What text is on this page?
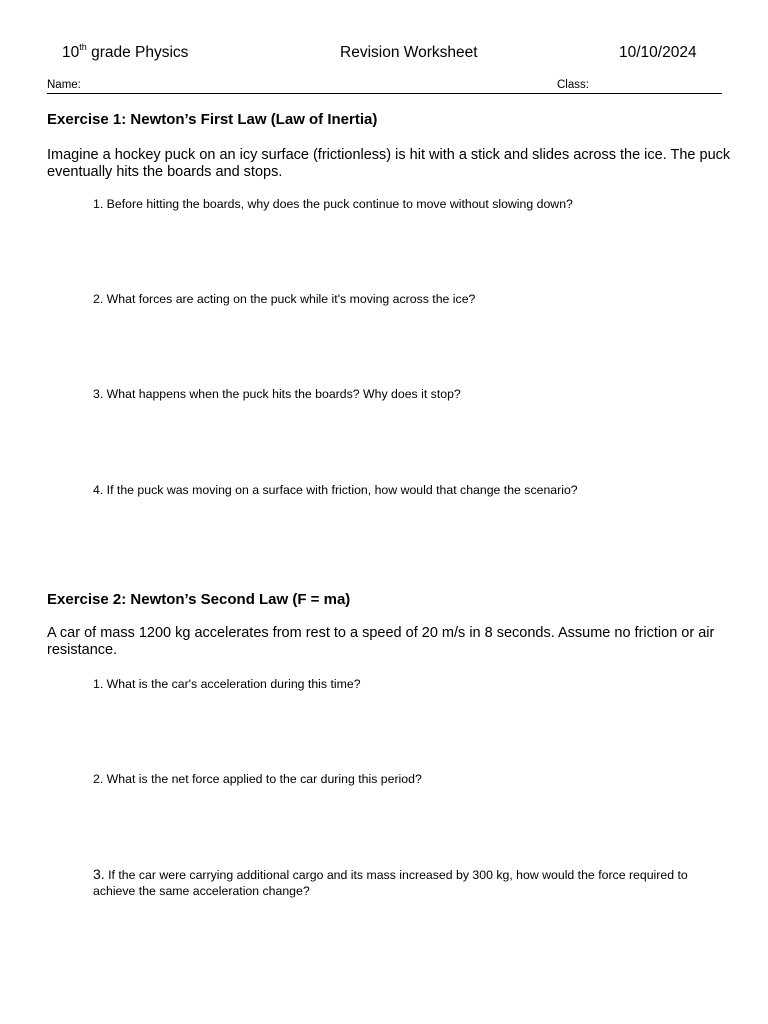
10th grade Physics	Revision Worksheet	10/10/2024
Name:	Class:
Exercise 1: Newton’s First Law (Law of Inertia)

Imagine a hockey puck on an icy surface (frictionless) is hit with a stick and slides across the ice. The puck eventually hits the boards and stops.

1. Before hitting the boards, why does the puck continue to move without slowing down?

2. What forces are acting on the puck while it's moving across the ice?

3. What happens when the puck hits the boards? Why does it stop?

4. If the puck was moving on a surface with friction, how would that change the scenario?

Exercise 2: Newton’s Second Law (F = ma)

A car of mass 1200 kg accelerates from rest to a speed of 20 m/s in 8 seconds. Assume no friction or air resistance.

1. What is the car's acceleration during this time?

2. What is the net force applied to the car during this period?

3. If the car were carrying additional cargo and its mass increased by 300 kg, how would the force required to achieve the same acceleration change?
